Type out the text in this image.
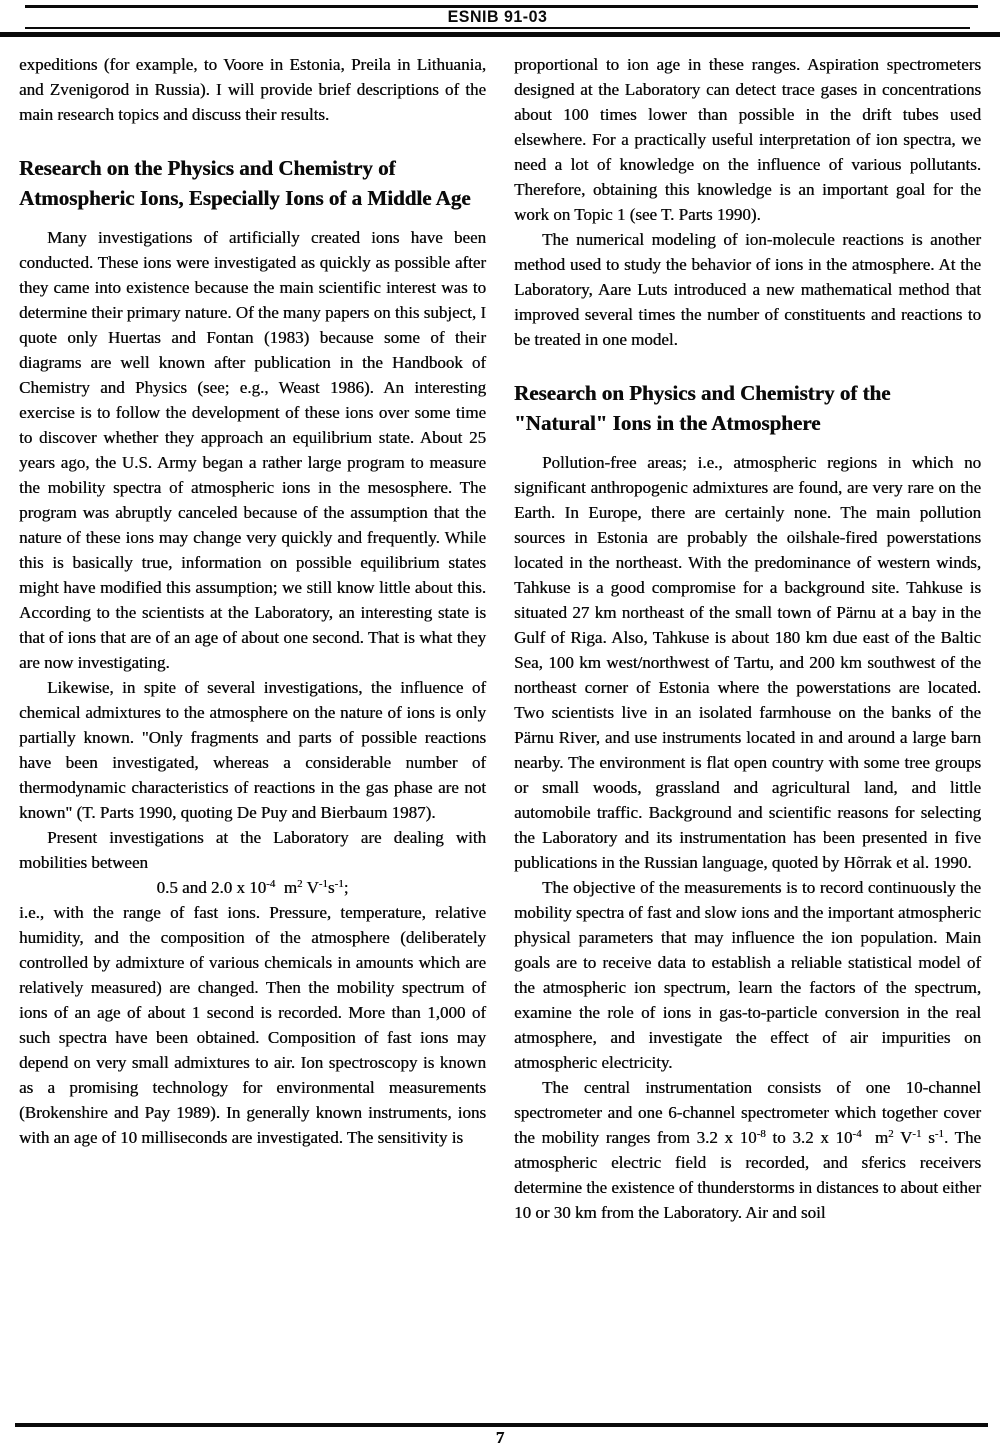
ESNIB 91-03

expeditions (for example, to Voore in Estonia, Preila in Lithuania, and Zvenigorod in Russia). I will provide brief descriptions of the main research topics and discuss their results.

Research on the Physics and Chemistry of Atmospheric Ions, Especially Ions of a Middle Age

Many investigations of artificially created ions have been conducted. These ions were investigated as quickly as possible after they came into existence because the main scientific interest was to determine their primary nature. Of the many papers on this subject, I quote only Huertas and Fontan (1983) because some of their diagrams are well known after publication in the Handbook of Chemistry and Physics (see; e.g., Weast 1986). An interesting exercise is to follow the development of these ions over some time to discover whether they approach an equilibrium state. About 25 years ago, the U.S. Army began a rather large program to measure the mobility spectra of atmospheric ions in the mesosphere. The program was abruptly canceled because of the assumption that the nature of these ions may change very quickly and frequently. While this is basically true, information on possible equilibrium states might have modified this assumption; we still know little about this. According to the scientists at the Laboratory, an interesting state is that of ions that are of an age of about one second. That is what they are now investigating.

Likewise, in spite of several investigations, the influence of chemical admixtures to the atmosphere on the nature of ions is only partially known. "Only fragments and parts of possible reactions have been investigated, whereas a considerable number of thermodynamic characteristics of reactions in the gas phase are not known" (T. Parts 1990, quoting De Puy and Bierbaum 1987).

Present investigations at the Laboratory are dealing with mobilities between

0.5 and 2.0 x $10^{-4}$  $m^2$ $V^{-1}s^{-1}$;

i.e., with the range of fast ions. Pressure, temperature, relative humidity, and the composition of the atmosphere (deliberately controlled by admixture of various chemicals in amounts which are relatively measured) are changed. Then the mobility spectrum of ions of an age of about 1 second is recorded. More than 1,000 of such spectra have been obtained. Composition of fast ions may depend on very small admixtures to air. Ion spectroscopy is known as a promising technology for environmental measurements (Brokenshire and Pay 1989). In generally known instruments, ions with an age of 10 milliseconds are investigated. The sensitivity is

proportional to ion age in these ranges. Aspiration spectrometers designed at the Laboratory can detect trace gases in concentrations about 100 times lower than possible in the drift tubes used elsewhere. For a practically useful interpretation of ion spectra, we need a lot of knowledge on the influence of various pollutants. Therefore, obtaining this knowledge is an important goal for the work on Topic 1 (see T. Parts 1990).

The numerical modeling of ion-molecule reactions is another method used to study the behavior of ions in the atmosphere. At the Laboratory, Aare Luts introduced a new mathematical method that improved several times the number of constituents and reactions to be treated in one model.

Research on Physics and Chemistry of the "Natural" Ions in the Atmosphere

Pollution-free areas; i.e., atmospheric regions in which no significant anthropogenic admixtures are found, are very rare on the Earth. In Europe, there are certainly none. The main pollution sources in Estonia are probably the oilshale-fired powerstations located in the northeast. With the predominance of western winds, Tahkuse is a good compromise for a background site. Tahkuse is situated 27 km northeast of the small town of Pärnu at a bay in the Gulf of Riga. Also, Tahkuse is about 180 km due east of the Baltic Sea, 100 km west/northwest of Tartu, and 200 km southwest of the northeast corner of Estonia where the powerstations are located. Two scientists live in an isolated farmhouse on the banks of the Pärnu River, and use instruments located in and around a large barn nearby. The environment is flat open country with some tree groups or small woods, grassland and agricultural land, and little automobile traffic. Background and scientific reasons for selecting the Laboratory and its instrumentation has been presented in five publications in the Russian language, quoted by Hõrrak et al. 1990.

The objective of the measurements is to record continuously the mobility spectra of fast and slow ions and the important atmospheric physical parameters that may influence the ion population. Main goals are to receive data to establish a reliable statistical model of the atmospheric ion spectrum, learn the factors of the spectrum, examine the role of ions in gas-to-particle conversion in the real atmosphere, and investigate the effect of air impurities on atmospheric electricity.

The central instrumentation consists of one 10-channel spectrometer and one 6-channel spectrometer which together cover the mobility ranges from 3.2 x $10^{-8}$ to 3.2 x $10^{-4}$  $m^2$ $V^{-1}$ $s^{-1}$. The atmospheric electric field is recorded, and sferics receivers determine the existence of thunderstorms in distances to about either 10 or 30 km from the Laboratory. Air and soil

7
